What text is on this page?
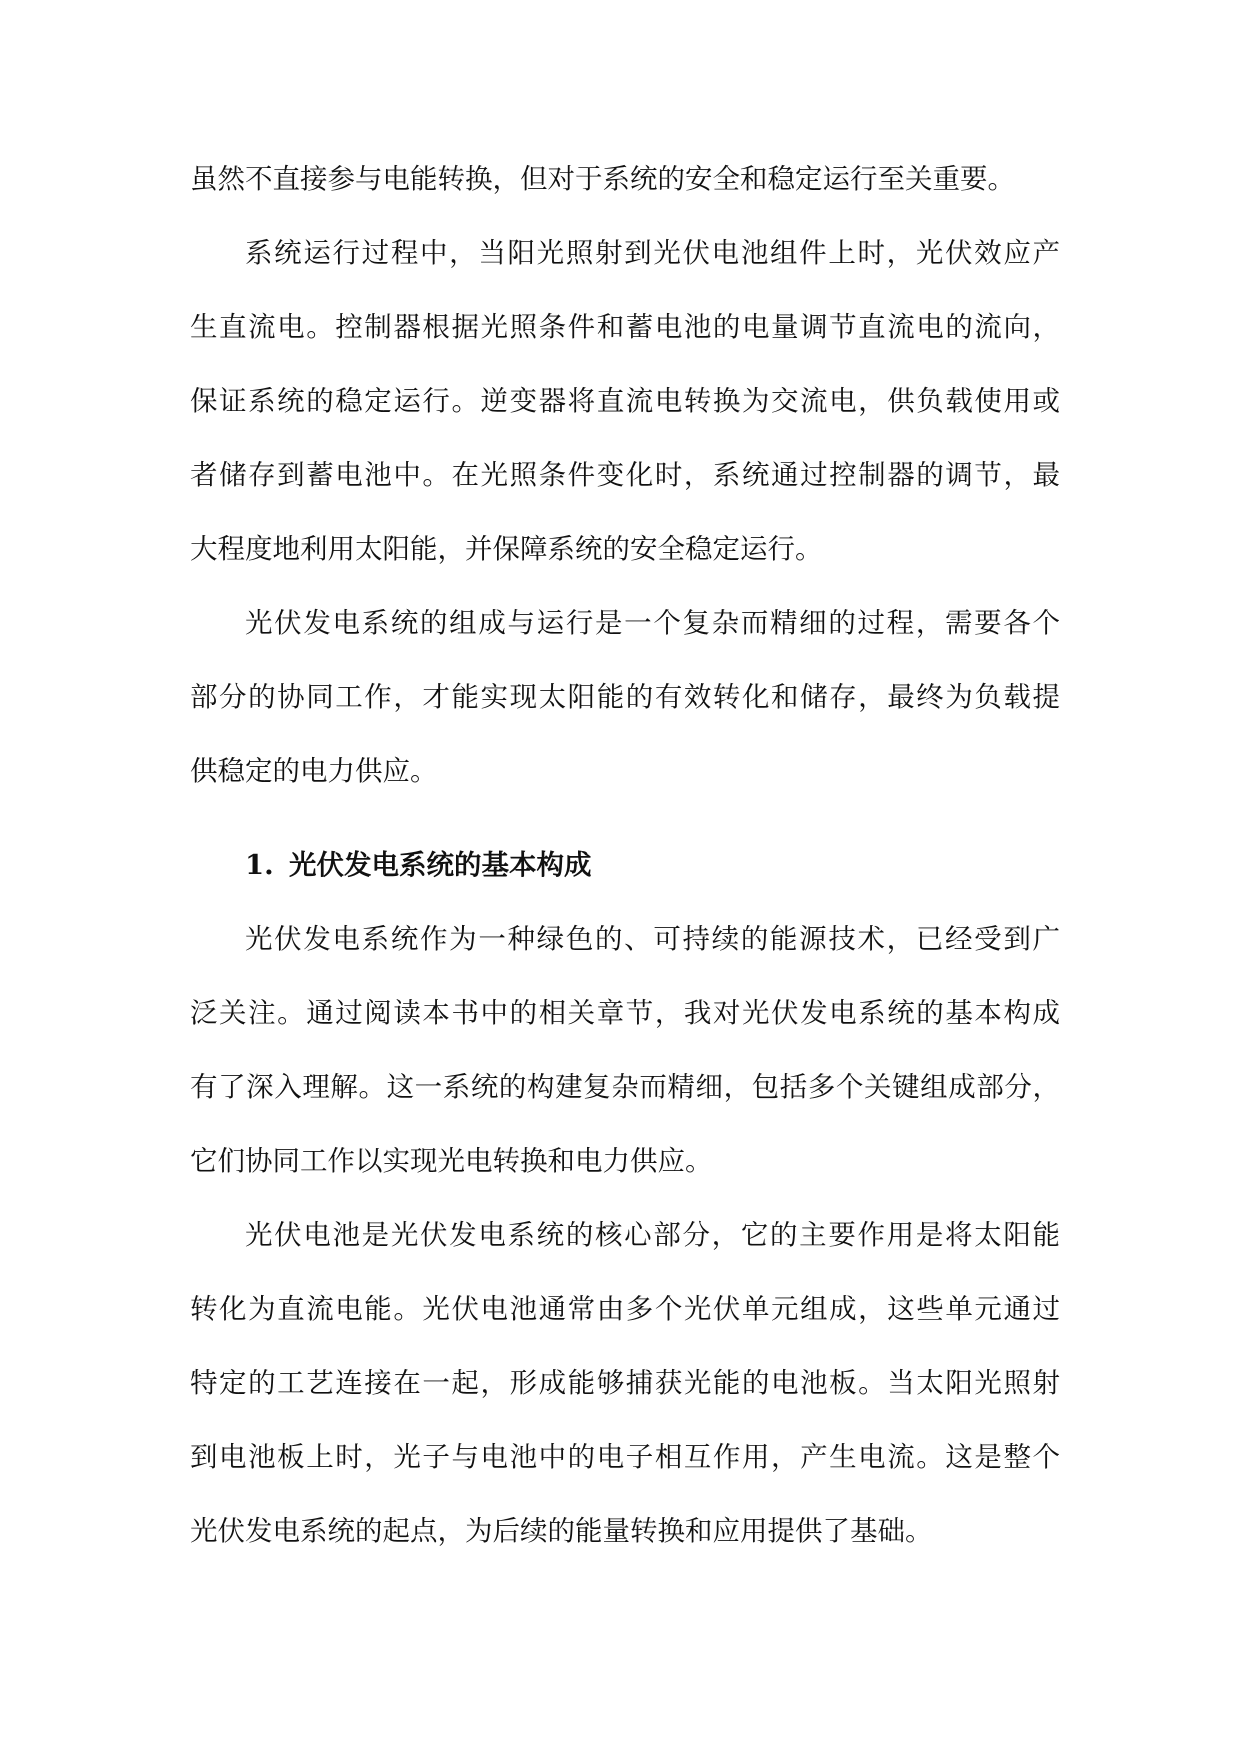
虽然不直接参与电能转换，但对于系统的安全和稳定运行至关重要。
系统运行过程中，当阳光照射到光伏电池组件上时，光伏效应产
生直流电。控制器根据光照条件和蓄电池的电量调节直流电的流向，
保证系统的稳定运行。逆变器将直流电转换为交流电，供负载使用或
者储存到蓄电池中。在光照条件变化时，系统通过控制器的调节，最
大程度地利用太阳能，并保障系统的安全稳定运行。
光伏发电系统的组成与运行是一个复杂而精细的过程，需要各个
部分的协同工作，才能实现太阳能的有效转化和储存，最终为负载提
供稳定的电力供应。
1. 光伏发电系统的基本构成
光伏发电系统作为一种绿色的、可持续的能源技术，已经受到广
泛关注。通过阅读本书中的相关章节，我对光伏发电系统的基本构成
有了深入理解。这一系统的构建复杂而精细，包括多个关键组成部分，
它们协同工作以实现光电转换和电力供应。
光伏电池是光伏发电系统的核心部分，它的主要作用是将太阳能
转化为直流电能。光伏电池通常由多个光伏单元组成，这些单元通过
特定的工艺连接在一起，形成能够捕获光能的电池板。当太阳光照射
到电池板上时，光子与电池中的电子相互作用，产生电流。这是整个
光伏发电系统的起点，为后续的能量转换和应用提供了基础。
